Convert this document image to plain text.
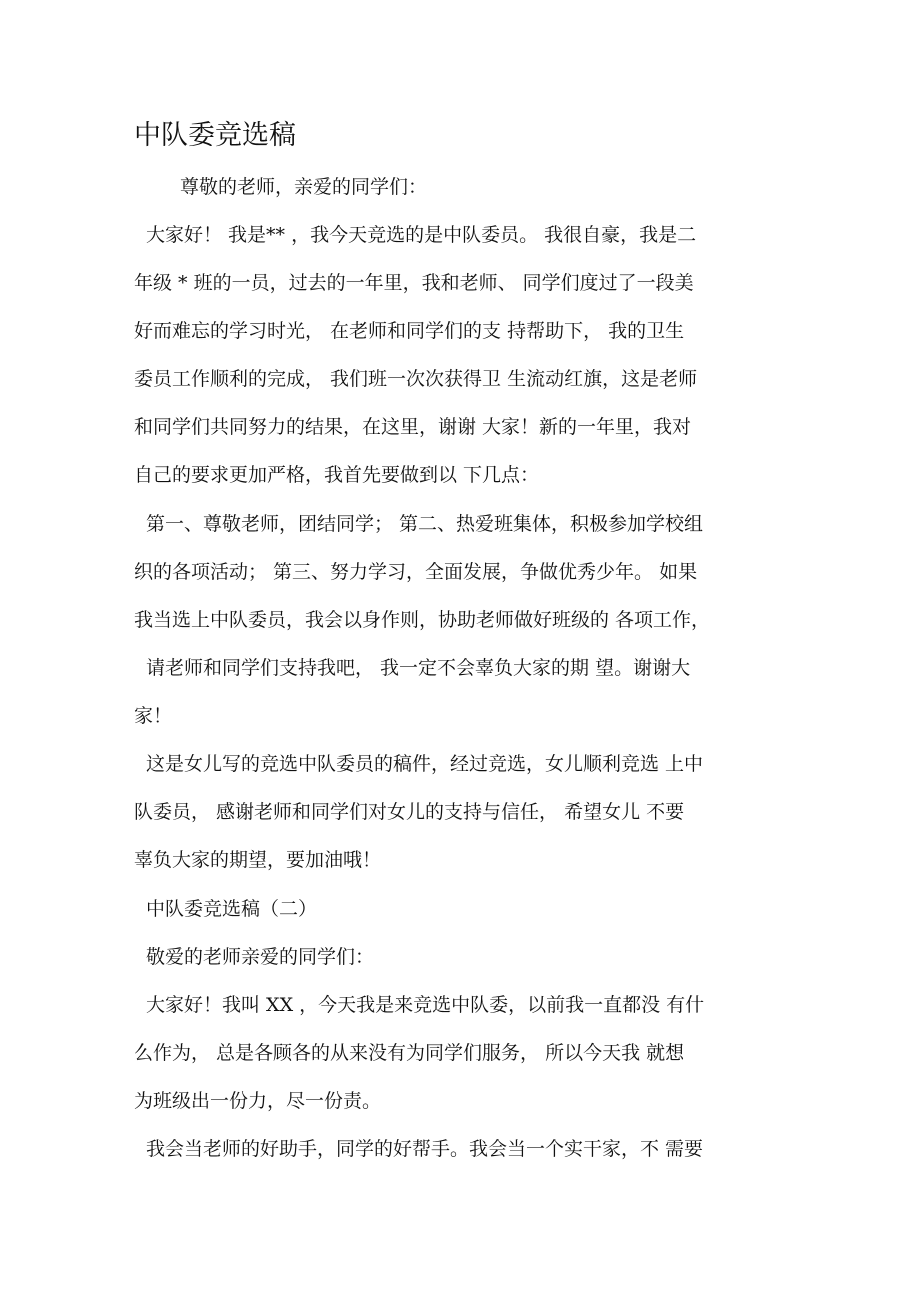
中队委竞选稿

尊敬的老师，亲爱的同学们：

大家好！ 我是** ，我今天竞选的是中队委员。 我很自豪，我是二

年级 * 班的一员，过去的一年里，我和老师、 同学们度过了一段美

好而难忘的学习时光， 在老师和同学们的支 持帮助下， 我的卫生

委员工作顺利的完成， 我们班一次次获得卫 生流动红旗，这是老师

和同学们共同努力的结果，在这里，谢谢 大家！新的一年里，我对

自己的要求更加严格，我首先要做到以 下几点：

第一、尊敬老师，团结同学； 第二、热爱班集体，积极参加学校组

织的各项活动； 第三、努力学习，全面发展，争做优秀少年。 如果

我当选上中队委员，我会以身作则，协助老师做好班级的 各项工作，

请老师和同学们支持我吧， 我一定不会辜负大家的期 望。谢谢大

家！

这是女儿写的竞选中队委员的稿件，经过竞选，女儿顺利竞选 上中

队委员， 感谢老师和同学们对女儿的支持与信任， 希望女儿 不要

辜负大家的期望，要加油哦！

中队委竞选稿（二）

敬爱的老师亲爱的同学们：

大家好！我叫 XX ，今天我是来竞选中队委，以前我一直都没 有什

么作为， 总是各顾各的从来没有为同学们服务， 所以今天我 就想

为班级出一份力，尽一份责。

我会当老师的好助手，同学的好帮手。我会当一个实干家，不 需要
